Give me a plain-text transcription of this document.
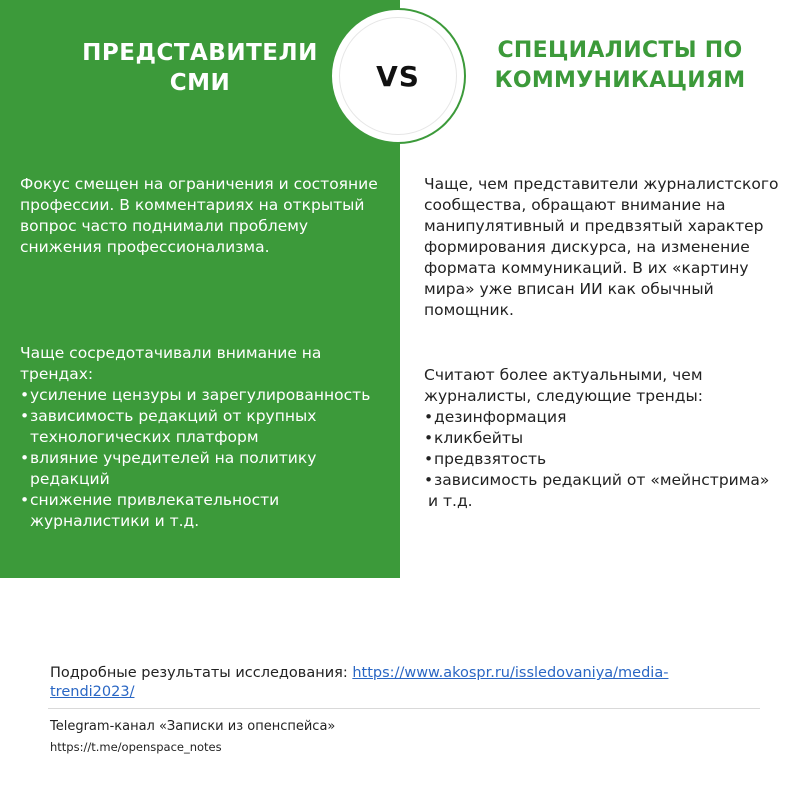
ПРЕДСТАВИТЕЛИ
СМИ	VS
СПЕЦИАЛИСТЫ ПО
КОММУНИКАЦИЯМ
Фокус смещен на ограничения и состояние профессии. В комментариях на открытый вопрос часто поднимали проблему снижения профессионализма.
Чаще сосредотачивали внимание на трендах:
• усиление цензуры и зарегулированность
• зависимость редакций от крупных технологических платформ
• влияние учредителей на политику редакций
• снижение привлекательности журналистики и т.д.
Чаще, чем представители журналистского сообщества, обращают внимание на манипулятивный и предвзятый характер формирования дискурса, на изменение формата коммуникаций. В их «картину мира» уже вписан ИИ как обычный помощник.
Считают более актуальными, чем журналисты, следующие тренды:
• дезинформация
• кликбейты
• предвзятость
• зависимость редакций от «мейнстрима»
и т.д.
Подробные результаты исследования: https://www.akospr.ru/issledovaniya/media-trendi2023/
Telegram-канал «Записки из опенспейса»
https://t.me/openspace_notes
